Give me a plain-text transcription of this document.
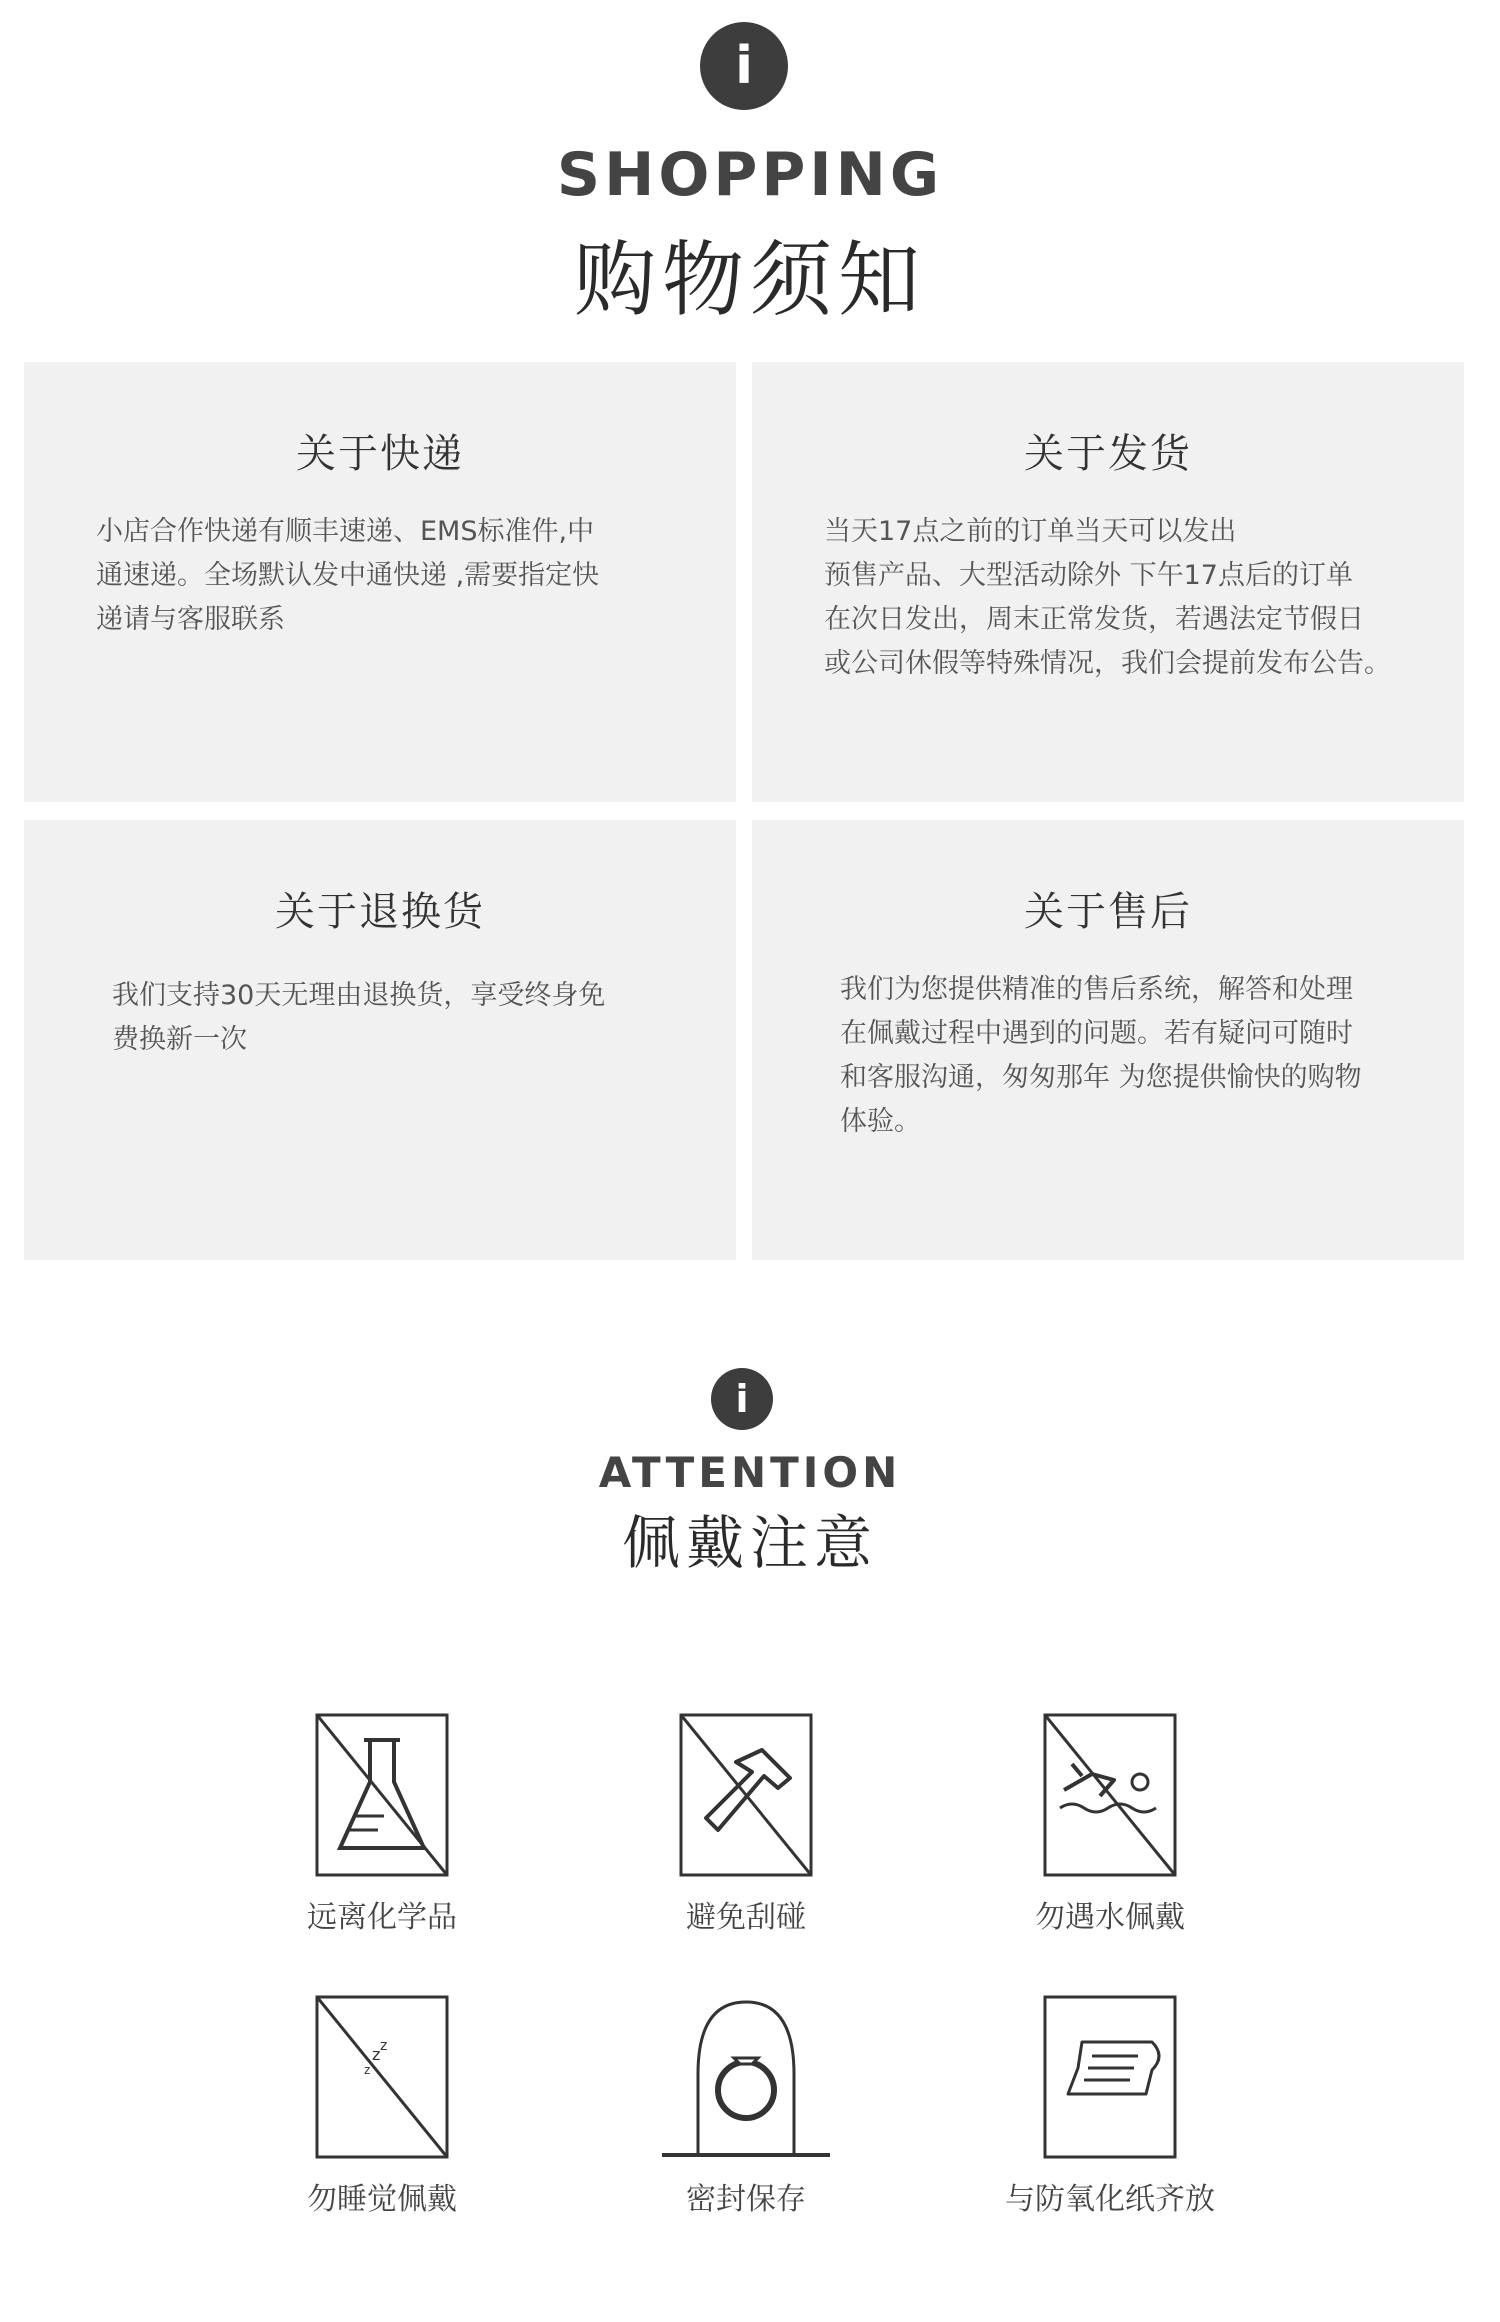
i
SHOPPING
购物须知
关于快递
小店合作快递有顺丰速递、EMS标准件,中
通速递。全场默认发中通快递 ,需要指定快
递请与客服联系
关于发货
当天17点之前的订单当天可以发出
预售产品、大型活动除外 下午17点后的订单
在次日发出，周末正常发货，若遇法定节假日
或公司休假等特殊情况，我们会提前发布公告。
关于退换货
我们支持30天无理由退换货，享受终身免
费换新一次
关于售后
我们为您提供精准的售后系统，解答和处理
在佩戴过程中遇到的问题。若有疑问可随时
和客服沟通，匆匆那年 为您提供愉快的购物
体验。
i
ATTENTION
佩戴注意
远离化学品	避免刮碰	勿遇水佩戴
z z
z
勿睡觉佩戴	密封保存	与防氧化纸齐放
